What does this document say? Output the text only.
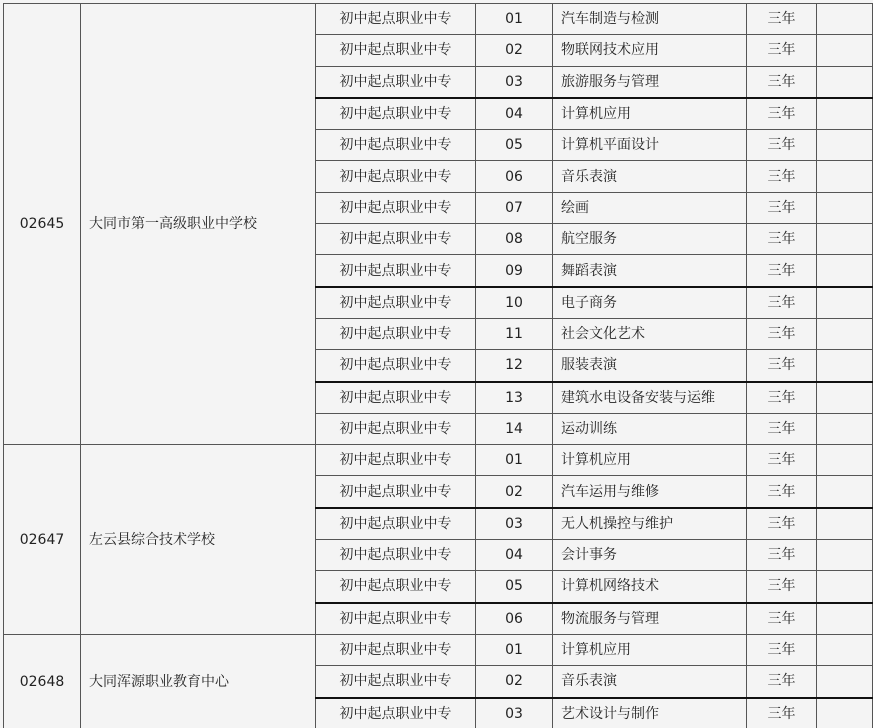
02645	大同市第一高级职业中学校	初中起点职业中专	01	汽车制造与检测	三年	
		初中起点职业中专	02	物联网技术应用	三年	
		初中起点职业中专	03	旅游服务与管理	三年	
		初中起点职业中专	04	计算机应用	三年	
		初中起点职业中专	05	计算机平面设计	三年	
		初中起点职业中专	06	音乐表演	三年	
		初中起点职业中专	07	绘画	三年	
		初中起点职业中专	08	航空服务	三年	
		初中起点职业中专	09	舞蹈表演	三年	
		初中起点职业中专	10	电子商务	三年	
		初中起点职业中专	11	社会文化艺术	三年	
		初中起点职业中专	12	服装表演	三年	
		初中起点职业中专	13	建筑水电设备安装与运维	三年	
		初中起点职业中专	14	运动训练	三年	
02647	左云县综合技术学校	初中起点职业中专	01	计算机应用	三年	
		初中起点职业中专	02	汽车运用与维修	三年	
		初中起点职业中专	03	无人机操控与维护	三年	
		初中起点职业中专	04	会计事务	三年	
		初中起点职业中专	05	计算机网络技术	三年	
		初中起点职业中专	06	物流服务与管理	三年	
02648	大同浑源职业教育中心	初中起点职业中专	01	计算机应用	三年	
		初中起点职业中专	02	音乐表演	三年	
		初中起点职业中专	03	艺术设计与制作	三年	
